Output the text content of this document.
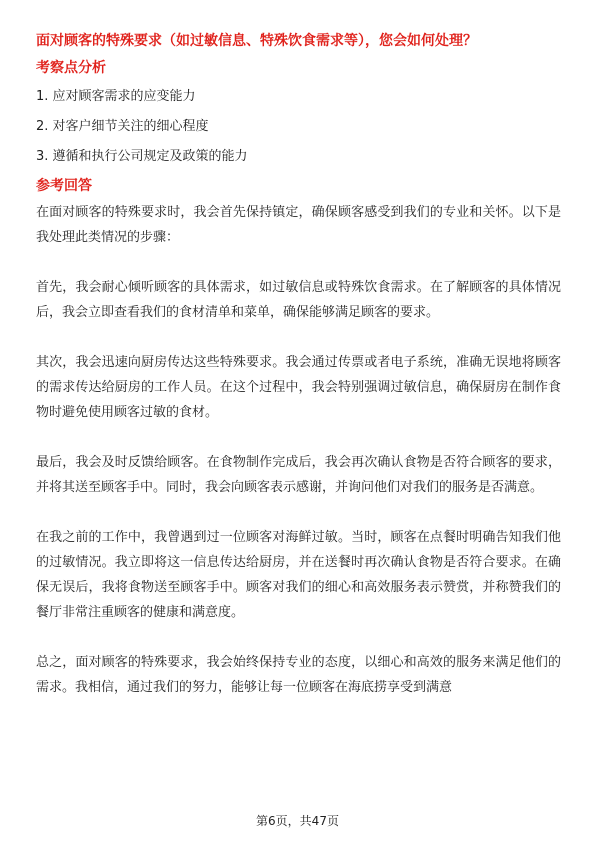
面对顾客的特殊要求（如过敏信息、特殊饮食需求等），您会如何处理？
考察点分析
1. 应对顾客需求的应变能力
2. 对客户细节关注的细心程度
3. 遵循和执行公司规定及政策的能力
参考回答

在面对顾客的特殊要求时，我会首先保持镇定，确保顾客感受到我们的专业和关怀。以下是我处理此类情况的步骤：

首先，我会耐心倾听顾客的具体需求，如过敏信息或特殊饮食需求。在了解顾客的具体情况后，我会立即查看我们的食材清单和菜单，确保能够满足顾客的要求。

其次，我会迅速向厨房传达这些特殊要求。我会通过传票或者电子系统，准确无误地将顾客的需求传达给厨房的工作人员。在这个过程中，我会特别强调过敏信息，确保厨房在制作食物时避免使用顾客过敏的食材。

最后，我会及时反馈给顾客。在食物制作完成后，我会再次确认食物是否符合顾客的要求，并将其送至顾客手中。同时，我会向顾客表示感谢，并询问他们对我们的服务是否满意。

在我之前的工作中，我曾遇到过一位顾客对海鲜过敏。当时，顾客在点餐时明确告知我们他的过敏情况。我立即将这一信息传达给厨房，并在送餐时再次确认食物是否符合要求。在确保无误后，我将食物送至顾客手中。顾客对我们的细心和高效服务表示赞赏，并称赞我们的餐厅非常注重顾客的健康和满意度。

总之，面对顾客的特殊要求，我会始终保持专业的态度，以细心和高效的服务来满足他们的需求。我相信，通过我们的努力，能够让每一位顾客在海底捞享受到满意

第6页，共47页
